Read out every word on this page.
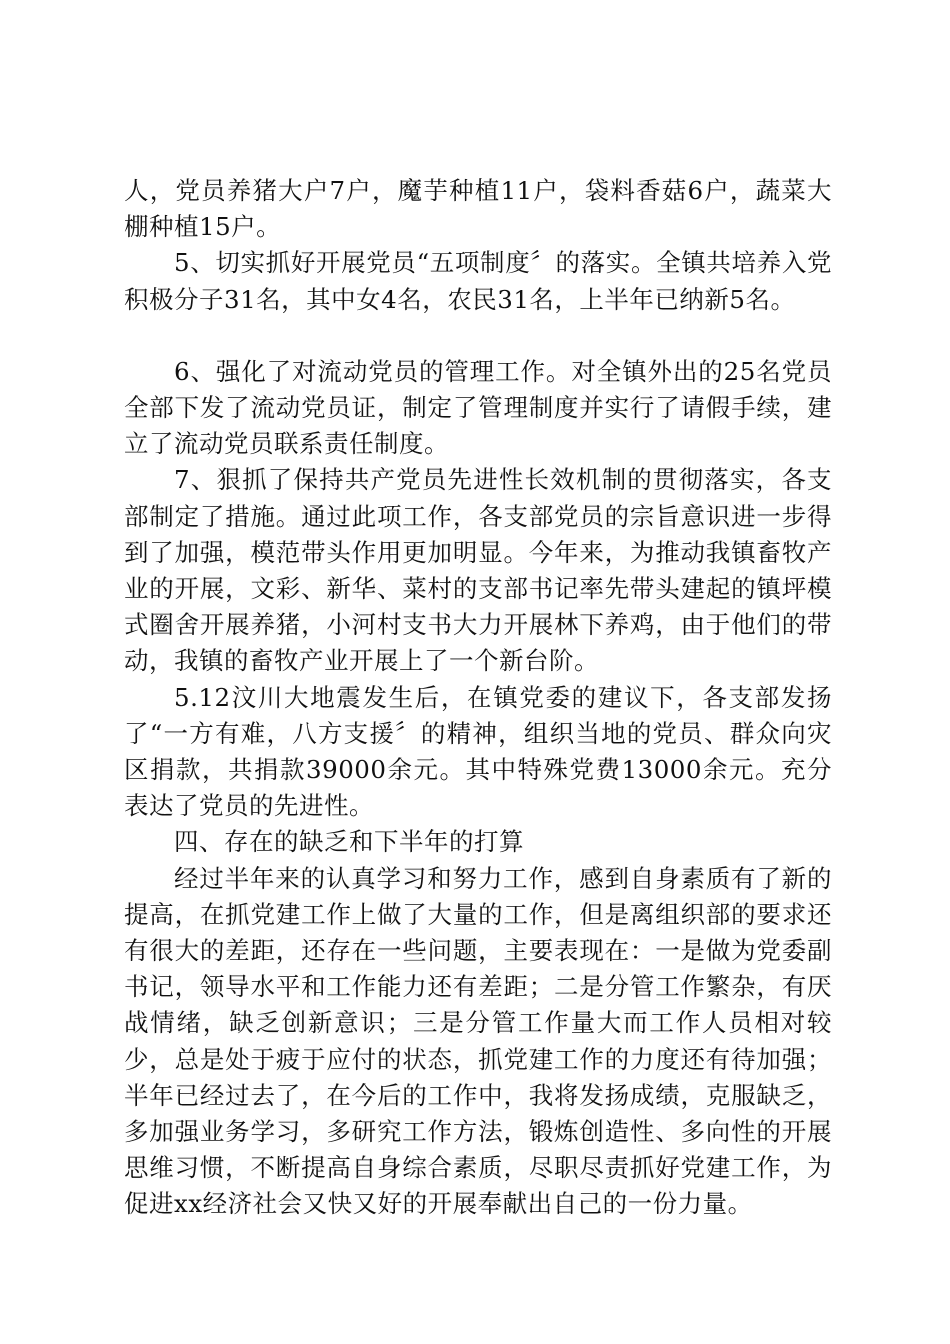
人，党员养猪大户7户，魔芋种植11户，袋料香菇6户，蔬菜大棚种植15户。

5、切实抓好开展党员“五项制度〞的落实。全镇共培养入党积极分子31名，其中女4名，农民31名，上半年已纳新5名。

6、强化了对流动党员的管理工作。对全镇外出的25名党员全部下发了流动党员证，制定了管理制度并实行了请假手续，建立了流动党员联系责任制度。

7、狠抓了保持共产党员先进性长效机制的贯彻落实，各支部制定了措施。通过此项工作，各支部党员的宗旨意识进一步得到了加强，模范带头作用更加明显。今年来，为推动我镇畜牧产业的开展，文彩、新华、菜村的支部书记率先带头建起的镇坪模式圈舍开展养猪，小河村支书大力开展林下养鸡，由于他们的带动，我镇的畜牧产业开展上了一个新台阶。

5.12汶川大地震发生后，在镇党委的建议下，各支部发扬了“一方有难，八方支援〞的精神，组织当地的党员、群众向灾区捐款，共捐款39000余元。其中特殊党费13000余元。充分表达了党员的先进性。

四、存在的缺乏和下半年的打算

经过半年来的认真学习和努力工作，感到自身素质有了新的提高，在抓党建工作上做了大量的工作，但是离组织部的要求还有很大的差距，还存在一些问题，主要表现在：一是做为党委副书记，领导水平和工作能力还有差距；二是分管工作繁杂，有厌战情绪，缺乏创新意识；三是分管工作量大而工作人员相对较少，总是处于疲于应付的状态，抓党建工作的力度还有待加强；半年已经过去了，在今后的工作中，我将发扬成绩，克服缺乏，多加强业务学习，多研究工作方法，锻炼创造性、多向性的开展思维习惯，不断提高自身综合素质，尽职尽责抓好党建工作，为促进xx经济社会又快又好的开展奉献出自己的一份力量。
